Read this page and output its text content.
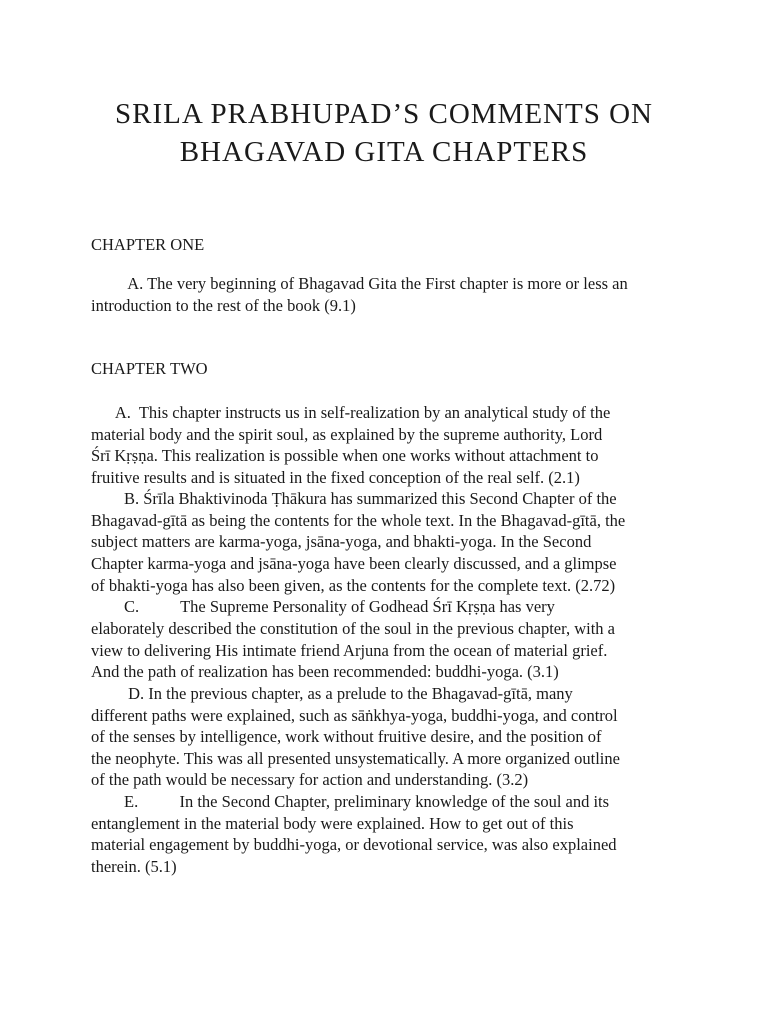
SRILA PRABHUPAD’S COMMENTS ON
BHAGAVAD GITA CHAPTERS
CHAPTER ONE

A. The very beginning of Bhagavad Gita the First chapter is more or less an

introduction to the rest of the book (9.1)

CHAPTER TWO

A.  This chapter instructs us in self-realization by an analytical study of the

material body and the spirit soul, as explained by the supreme authority, Lord

Śrī Kṛṣṇa. This realization is possible when one works without attachment to

fruitive results and is situated in the fixed conception of the real self. (2.1)

B. Śrīla Bhaktivinoda Ṭhākura has summarized this Second Chapter of the

Bhagavad-gītā as being the contents for the whole text. In the Bhagavad-gītā, the

subject matters are karma-yoga, jsāna-yoga, and bhakti-yoga. In the Second

Chapter karma-yoga and jsāna-yoga have been clearly discussed, and a glimpse

of bhakti-yoga has also been given, as the contents for the complete text. (2.72)

C.          The Supreme Personality of Godhead Śrī Kṛṣṇa has very

elaborately described the constitution of the soul in the previous chapter, with a

view to delivering His intimate friend Arjuna from the ocean of material grief.

And the path of realization has been recommended: buddhi-yoga. (3.1)

D. In the previous chapter, as a prelude to the Bhagavad-gītā, many

different paths were explained, such as sāṅkhya-yoga, buddhi-yoga, and control

of the senses by intelligence, work without fruitive desire, and the position of

the neophyte. This was all presented unsystematically. A more organized outline

of the path would be necessary for action and understanding. (3.2)

E.          In the Second Chapter, preliminary knowledge of the soul and its

entanglement in the material body were explained. How to get out of this

material engagement by buddhi-yoga, or devotional service, was also explained

therein. (5.1)
